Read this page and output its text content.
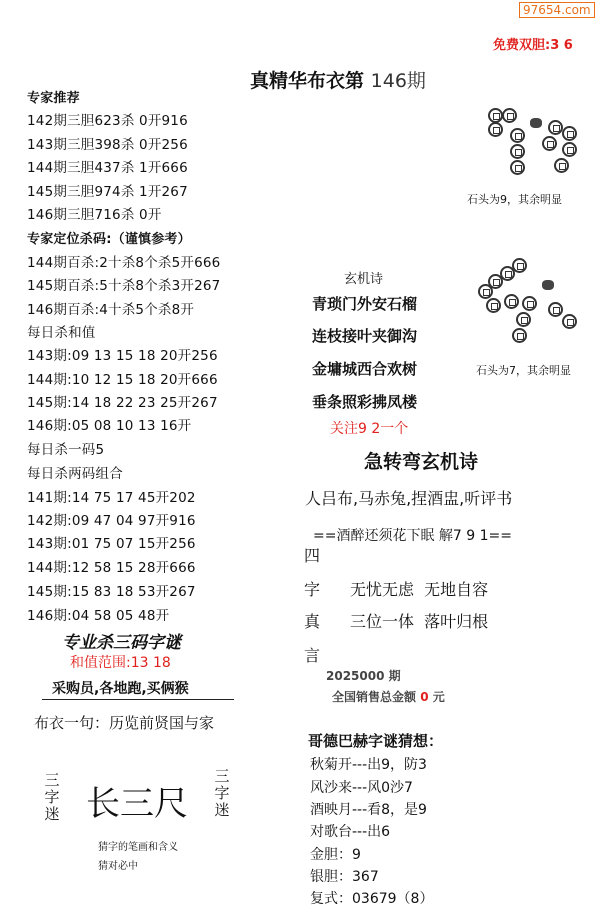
97654.com
免费双胆:3 6
真精华布衣第 146期
专家推荐
142期三胆623杀 0开916
143期三胆398杀 0开256
144期三胆437杀 1开666
145期三胆974杀 1开267
146期三胆716杀 0开
专家定位杀码:（谨慎参考）
144期百杀:2十杀8个杀5开666
145期百杀:5十杀8个杀3开267
146期百杀:4十杀5个杀8开
每日杀和值
143期:09 13 15 18 20开256
144期:10 12 15 18 20开666
145期:14 18 22 23 25开267
146期:05 08 10 13 16开
每日杀一码5
每日杀两码组合
141期:14 75 17 45开202
142期:09 47 04 97开916
143期:01 75 07 15开256
144期:12 58 15 28开666
145期:15 83 18 53开267
146期:04 58 05 48开
专业杀三码字谜
和值范围:13 18
采购员,各地跑,买俩猴
布衣一句：历览前贤国与家
三字迷 长三尺
三字迷
猜字的笔画和含义
猜对必中
石头为9，其余明显
石头为7，其余明显
玄机诗
青琐门外安石榴
连枝接叶夹御沟
金墉城西合欢树
垂条照彩拂凤楼
关注9 2一个
急转弯玄机诗
人吕布,马赤兔,捏酒盅,听评书
==酒醉还须花下眠 解7 9 1==
四
字
真
言
无忧无虑  无地自容
三位一体  落叶归根
2025000 期
全国销售总金额 0 元
哥德巴赫字谜猜想：
秋菊开---出9，防3
风沙来---风0沙7
酒映月---看8，是9
对歌台---出6
金胆：9
银胆：367
复式：03679（8）
